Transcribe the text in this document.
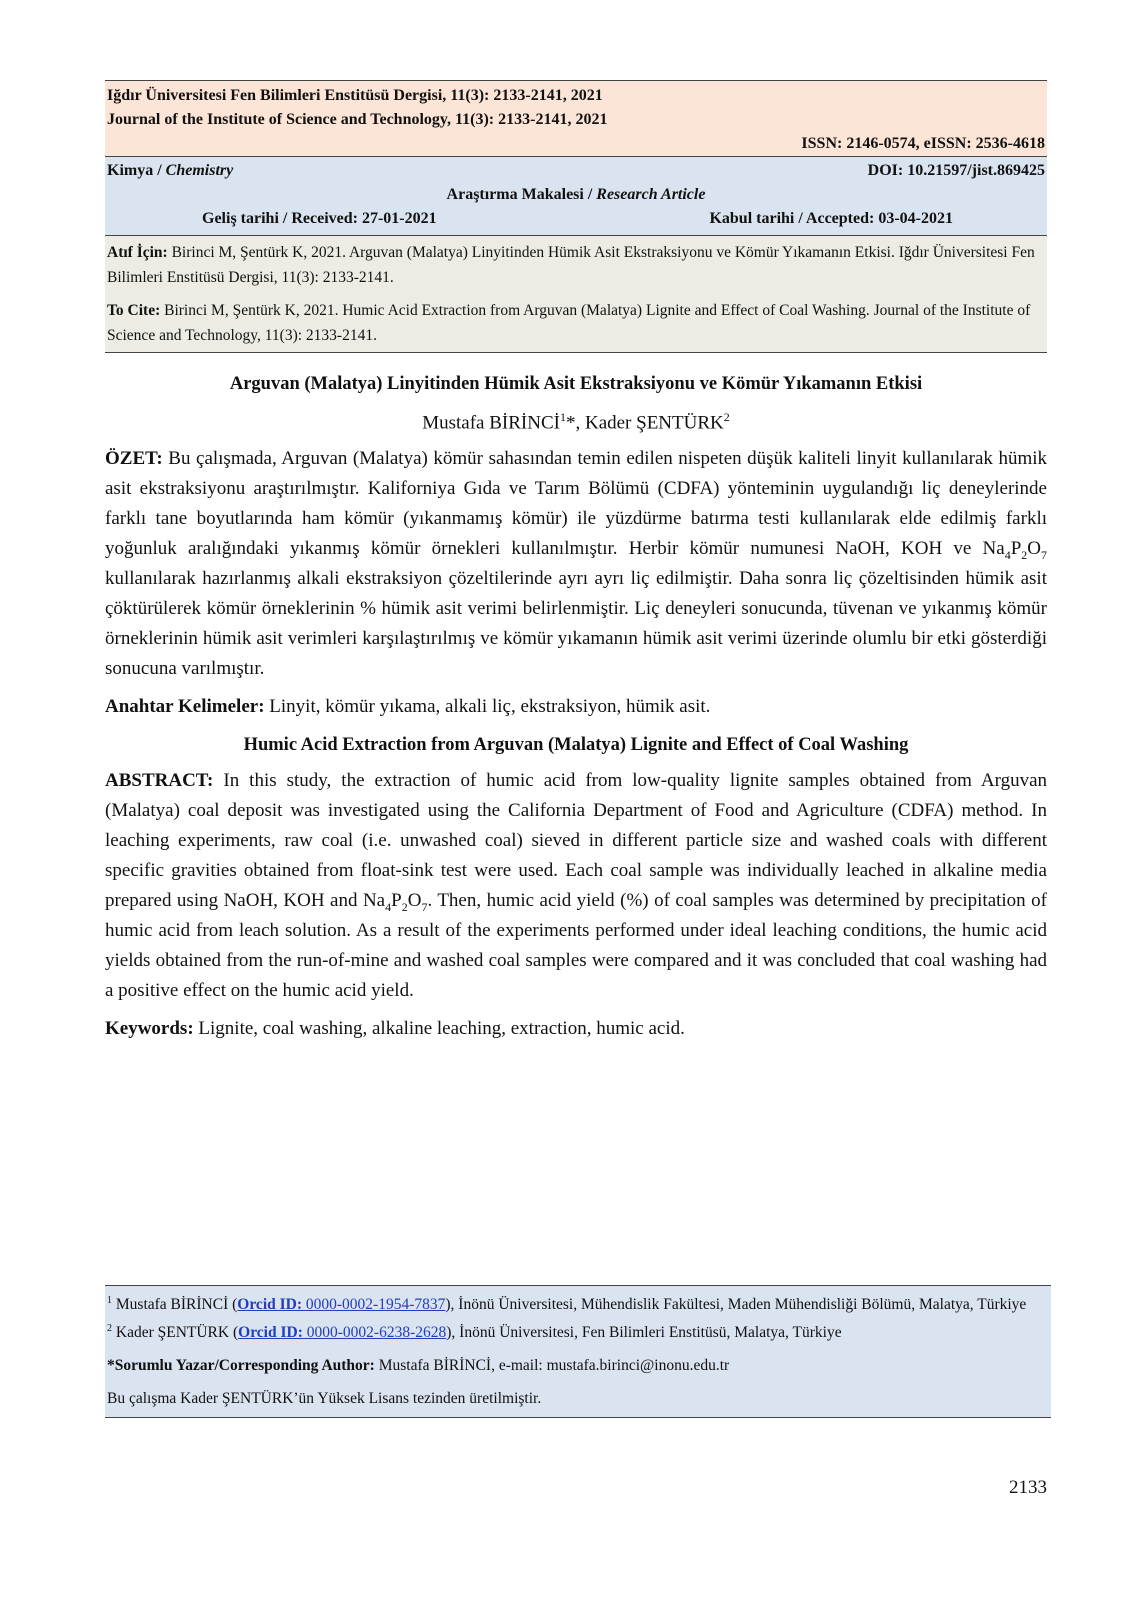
Iğdır Üniversitesi Fen Bilimleri Enstitüsü Dergisi, 11(3): 2133-2141, 2021
Journal of the Institute of Science and Technology, 11(3): 2133-2141, 2021
ISSN: 2146-0574, eISSN: 2536-4618
Kimya / Chemistry	DOI: 10.21597/jist.869425
Araştırma Makalesi / Research Article
Geliş tarihi / Received: 27-01-2021	Kabul tarihi / Accepted: 03-04-2021

Atıf İçin: Birinci M, Şentürk K, 2021. Arguvan (Malatya) Linyitinden Hümik Asit Ekstraksiyonu ve Kömür Yıkamanın Etkisi. Iğdır Üniversitesi Fen Bilimleri Enstitüsü Dergisi, 11(3): 2133-2141.

To Cite: Birinci M, Şentürk K, 2021. Humic Acid Extraction from Arguvan (Malatya) Lignite and Effect of Coal Washing. Journal of the Institute of Science and Technology, 11(3): 2133-2141.

Arguvan (Malatya) Linyitinden Hümik Asit Ekstraksiyonu ve Kömür Yıkamanın Etkisi
Mustafa BİRİNCİ$^1$*, Kader ŞENTÜRK$^2$

ÖZET: Bu çalışmada, Arguvan (Malatya) kömür sahasından temin edilen nispeten düşük kaliteli linyit kullanılarak hümik asit ekstraksiyonu araştırılmıştır. Kaliforniya Gıda ve Tarım Bölümü (CDFA) yönteminin uygulandığı liç deneylerinde farklı tane boyutlarında ham kömür (yıkanmamış kömür) ile yüzdürme batırma testi kullanılarak elde edilmiş farklı yoğunluk aralığındaki yıkanmış kömür örnekleri kullanılmıştır. Herbir kömür numunesi NaOH, KOH ve $Na_4P_2O_7$ kullanılarak hazırlanmış alkali ekstraksiyon çözeltilerinde ayrı ayrı liç edilmiştir. Daha sonra liç çözeltisinden hümik asit çöktürülerek kömür örneklerinin % hümik asit verimi belirlenmiştir. Liç deneyleri sonucunda, tüvenan ve yıkanmış kömür örneklerinin hümik asit verimleri karşılaştırılmış ve kömür yıkamanın hümik asit verimi üzerinde olumlu bir etki gösterdiği sonucuna varılmıştır.

Anahtar Kelimeler: Linyit, kömür yıkama, alkali liç, ekstraksiyon, hümik asit.

Humic Acid Extraction from Arguvan (Malatya) Lignite and Effect of Coal Washing

ABSTRACT: In this study, the extraction of humic acid from low-quality lignite samples obtained from Arguvan (Malatya) coal deposit was investigated using the California Department of Food and Agriculture (CDFA) method. In leaching experiments, raw coal (i.e. unwashed coal) sieved in different particle size and washed coals with different specific gravities obtained from float-sink test were used. Each coal sample was individually leached in alkaline media prepared using NaOH, KOH and $Na_4P_2O_7$. Then, humic acid yield (%) of coal samples was determined by precipitation of humic acid from leach solution. As a result of the experiments performed under ideal leaching conditions, the humic acid yields obtained from the run-of-mine and washed coal samples were compared and it was concluded that coal washing had a positive effect on the humic acid yield.

Keywords: Lignite, coal washing, alkaline leaching, extraction, humic acid.

$^1$ Mustafa BİRİNCİ (Orcid ID: 0000-0002-1954-7837), İnönü Üniversitesi, Mühendislik Fakültesi, Maden Mühendisliği Bölümü, Malatya, Türkiye

$^2$ Kader ŞENTÜRK (Orcid ID: 0000-0002-6238-2628), İnönü Üniversitesi, Fen Bilimleri Enstitüsü, Malatya, Türkiye

*Sorumlu Yazar/Corresponding Author: Mustafa BİRİNCİ, e-mail: mustafa.birinci@inonu.edu.tr

Bu çalışma Kader ŞENTÜRK’ün Yüksek Lisans tezinden üretilmiştir.

2133
